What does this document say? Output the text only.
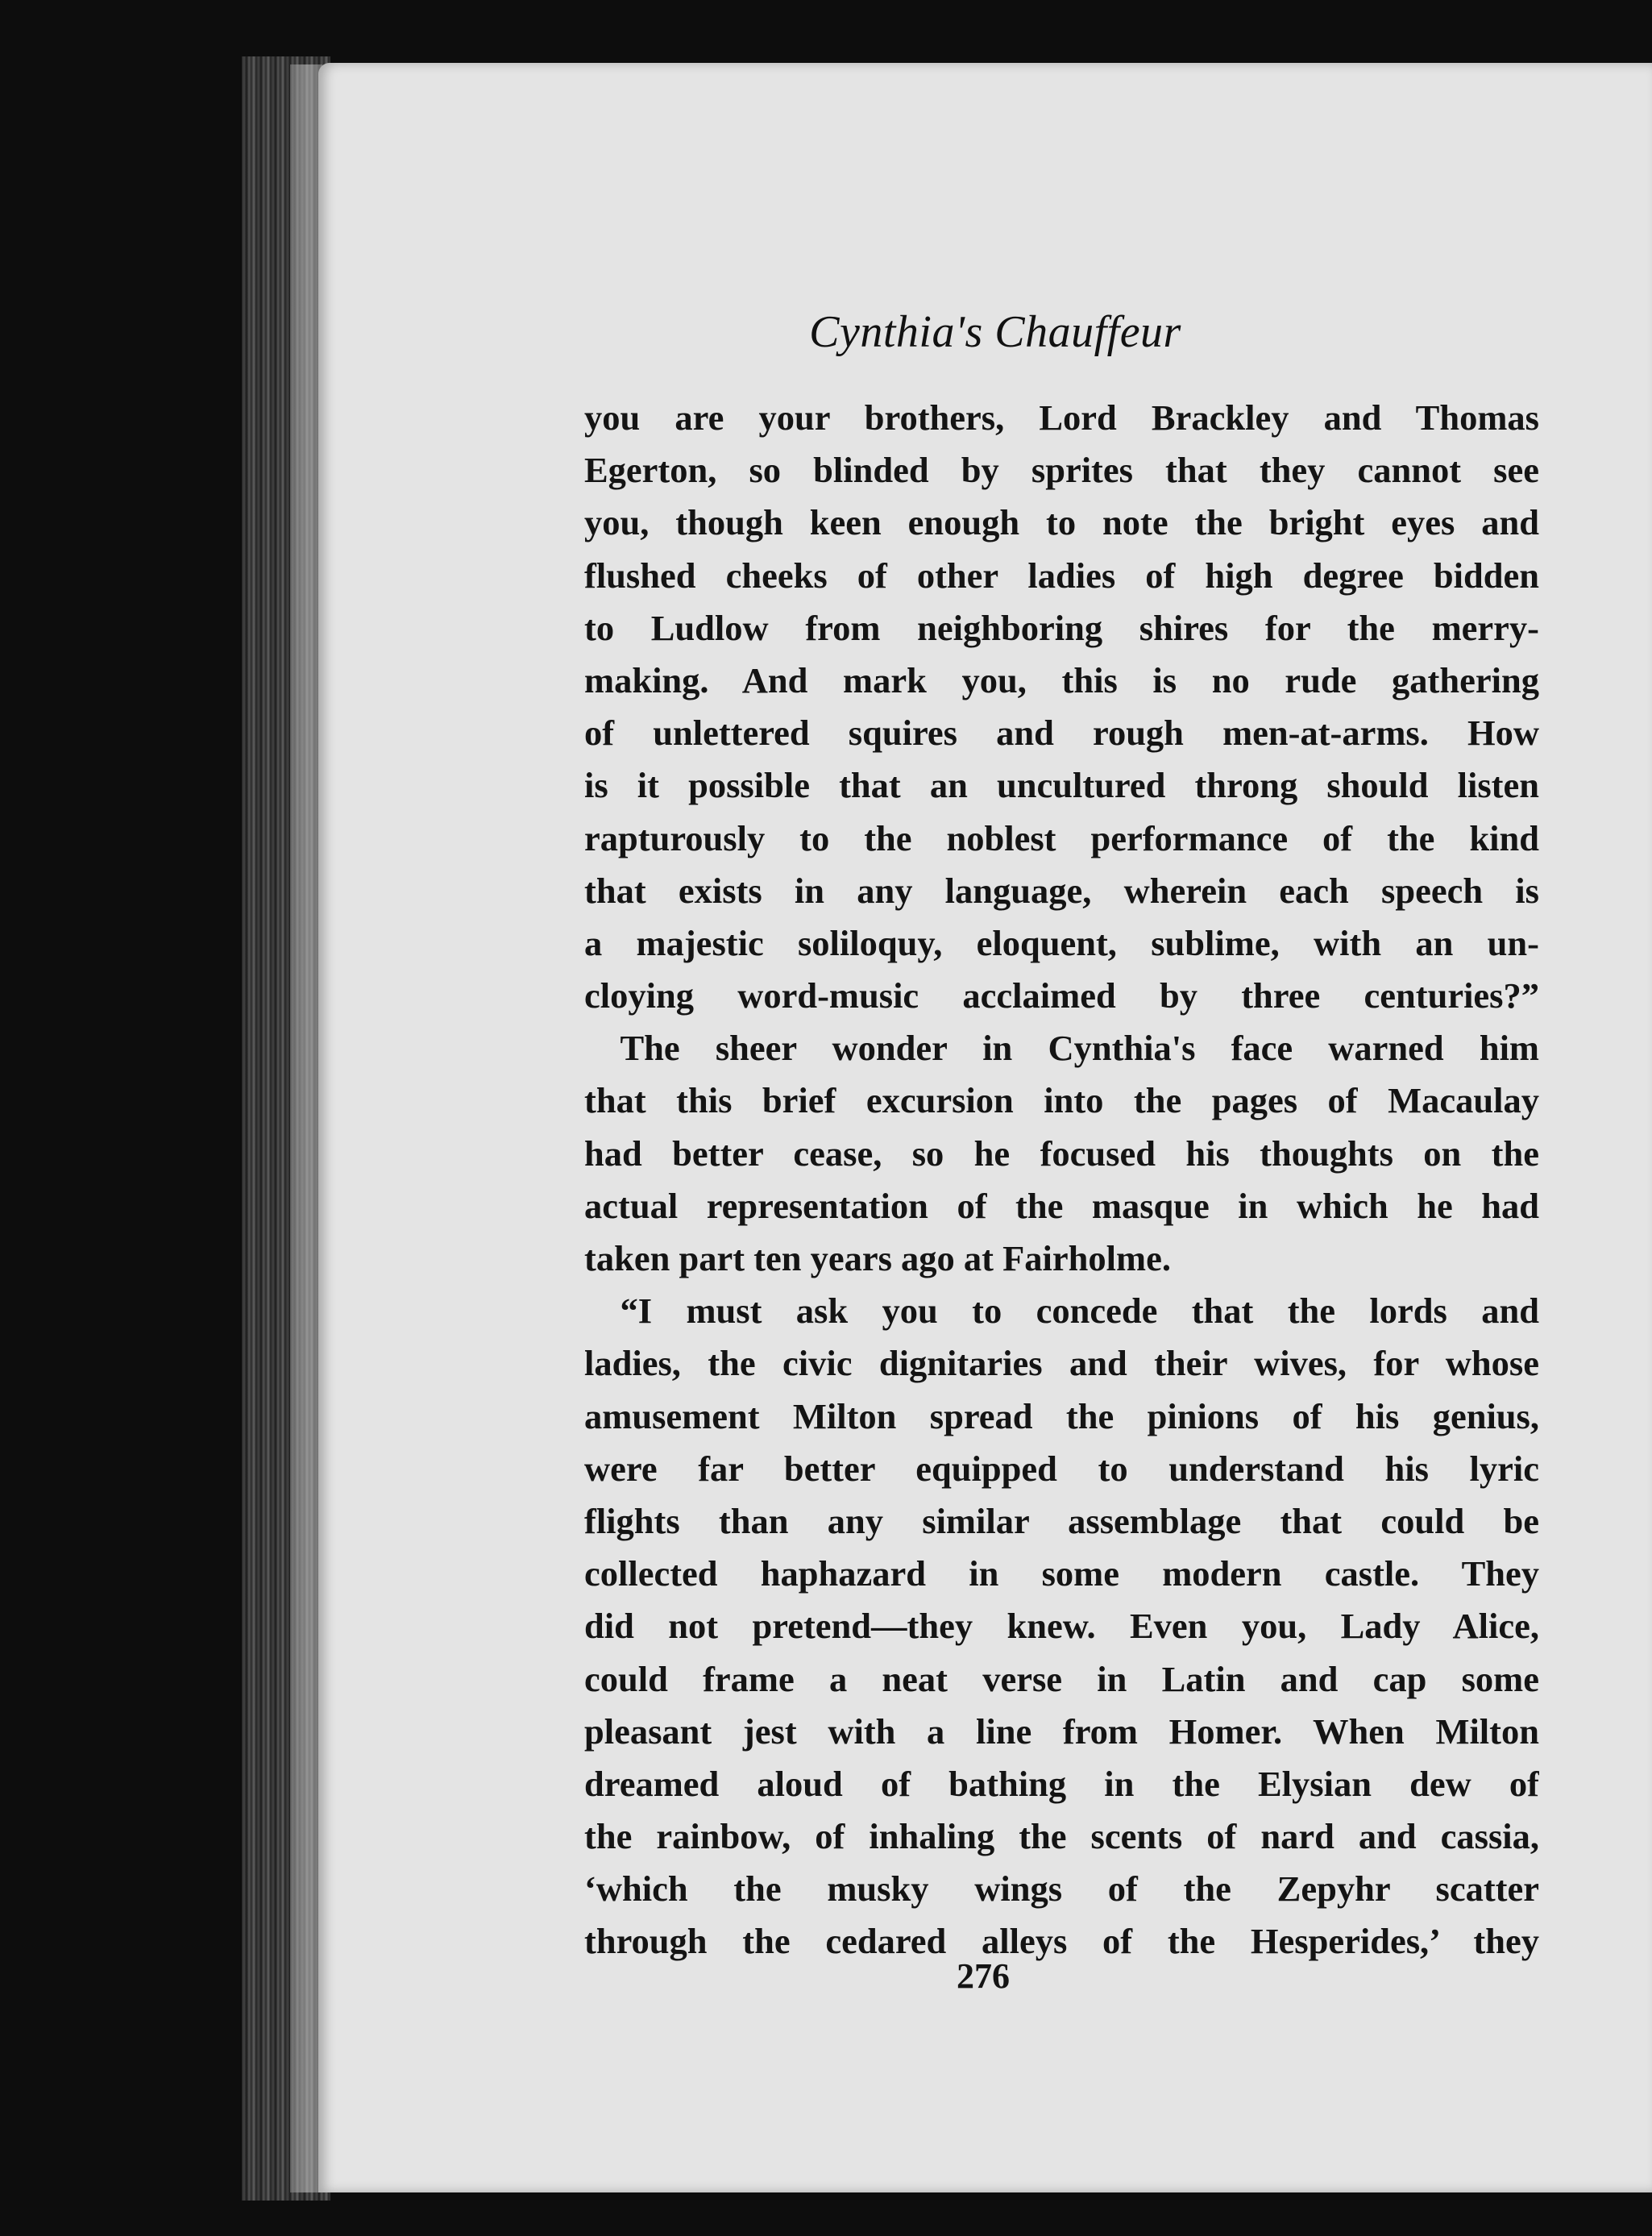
Cynthia's Chauffeur
you are your brothers, Lord Brackley and Thomas
Egerton, so blinded by sprites that they cannot see
you, though keen enough to note the bright eyes and
flushed cheeks of other ladies of high degree bidden
to Ludlow from neighboring shires for the merry-
making. And mark you, this is no rude gathering
of unlettered squires and rough men-at-arms. How
is it possible that an uncultured throng should listen
rapturously to the noblest performance of the kind
that exists in any language, wherein each speech is
a majestic soliloquy, eloquent, sublime, with an un-
cloying word-music acclaimed by three centuries?”
 The sheer wonder in Cynthia's face warned him
that this brief excursion into the pages of Macaulay
had better cease, so he focused his thoughts on the
actual representation of the masque in which he had
taken part ten years ago at Fairholme.
 “I must ask you to concede that the lords and
ladies, the civic dignitaries and their wives, for whose
amusement Milton spread the pinions of his genius,
were far better equipped to understand his lyric
flights than any similar assemblage that could be
collected haphazard in some modern castle. They
did not pretend—they knew. Even you, Lady Alice,
could frame a neat verse in Latin and cap some
pleasant jest with a line from Homer. When Milton
dreamed aloud of bathing in the Elysian dew of
the rainbow, of inhaling the scents of nard and cassia,
‘which the musky wings of the Zepyhr scatter
through the cedared alleys of the Hesperides,’ they
276
